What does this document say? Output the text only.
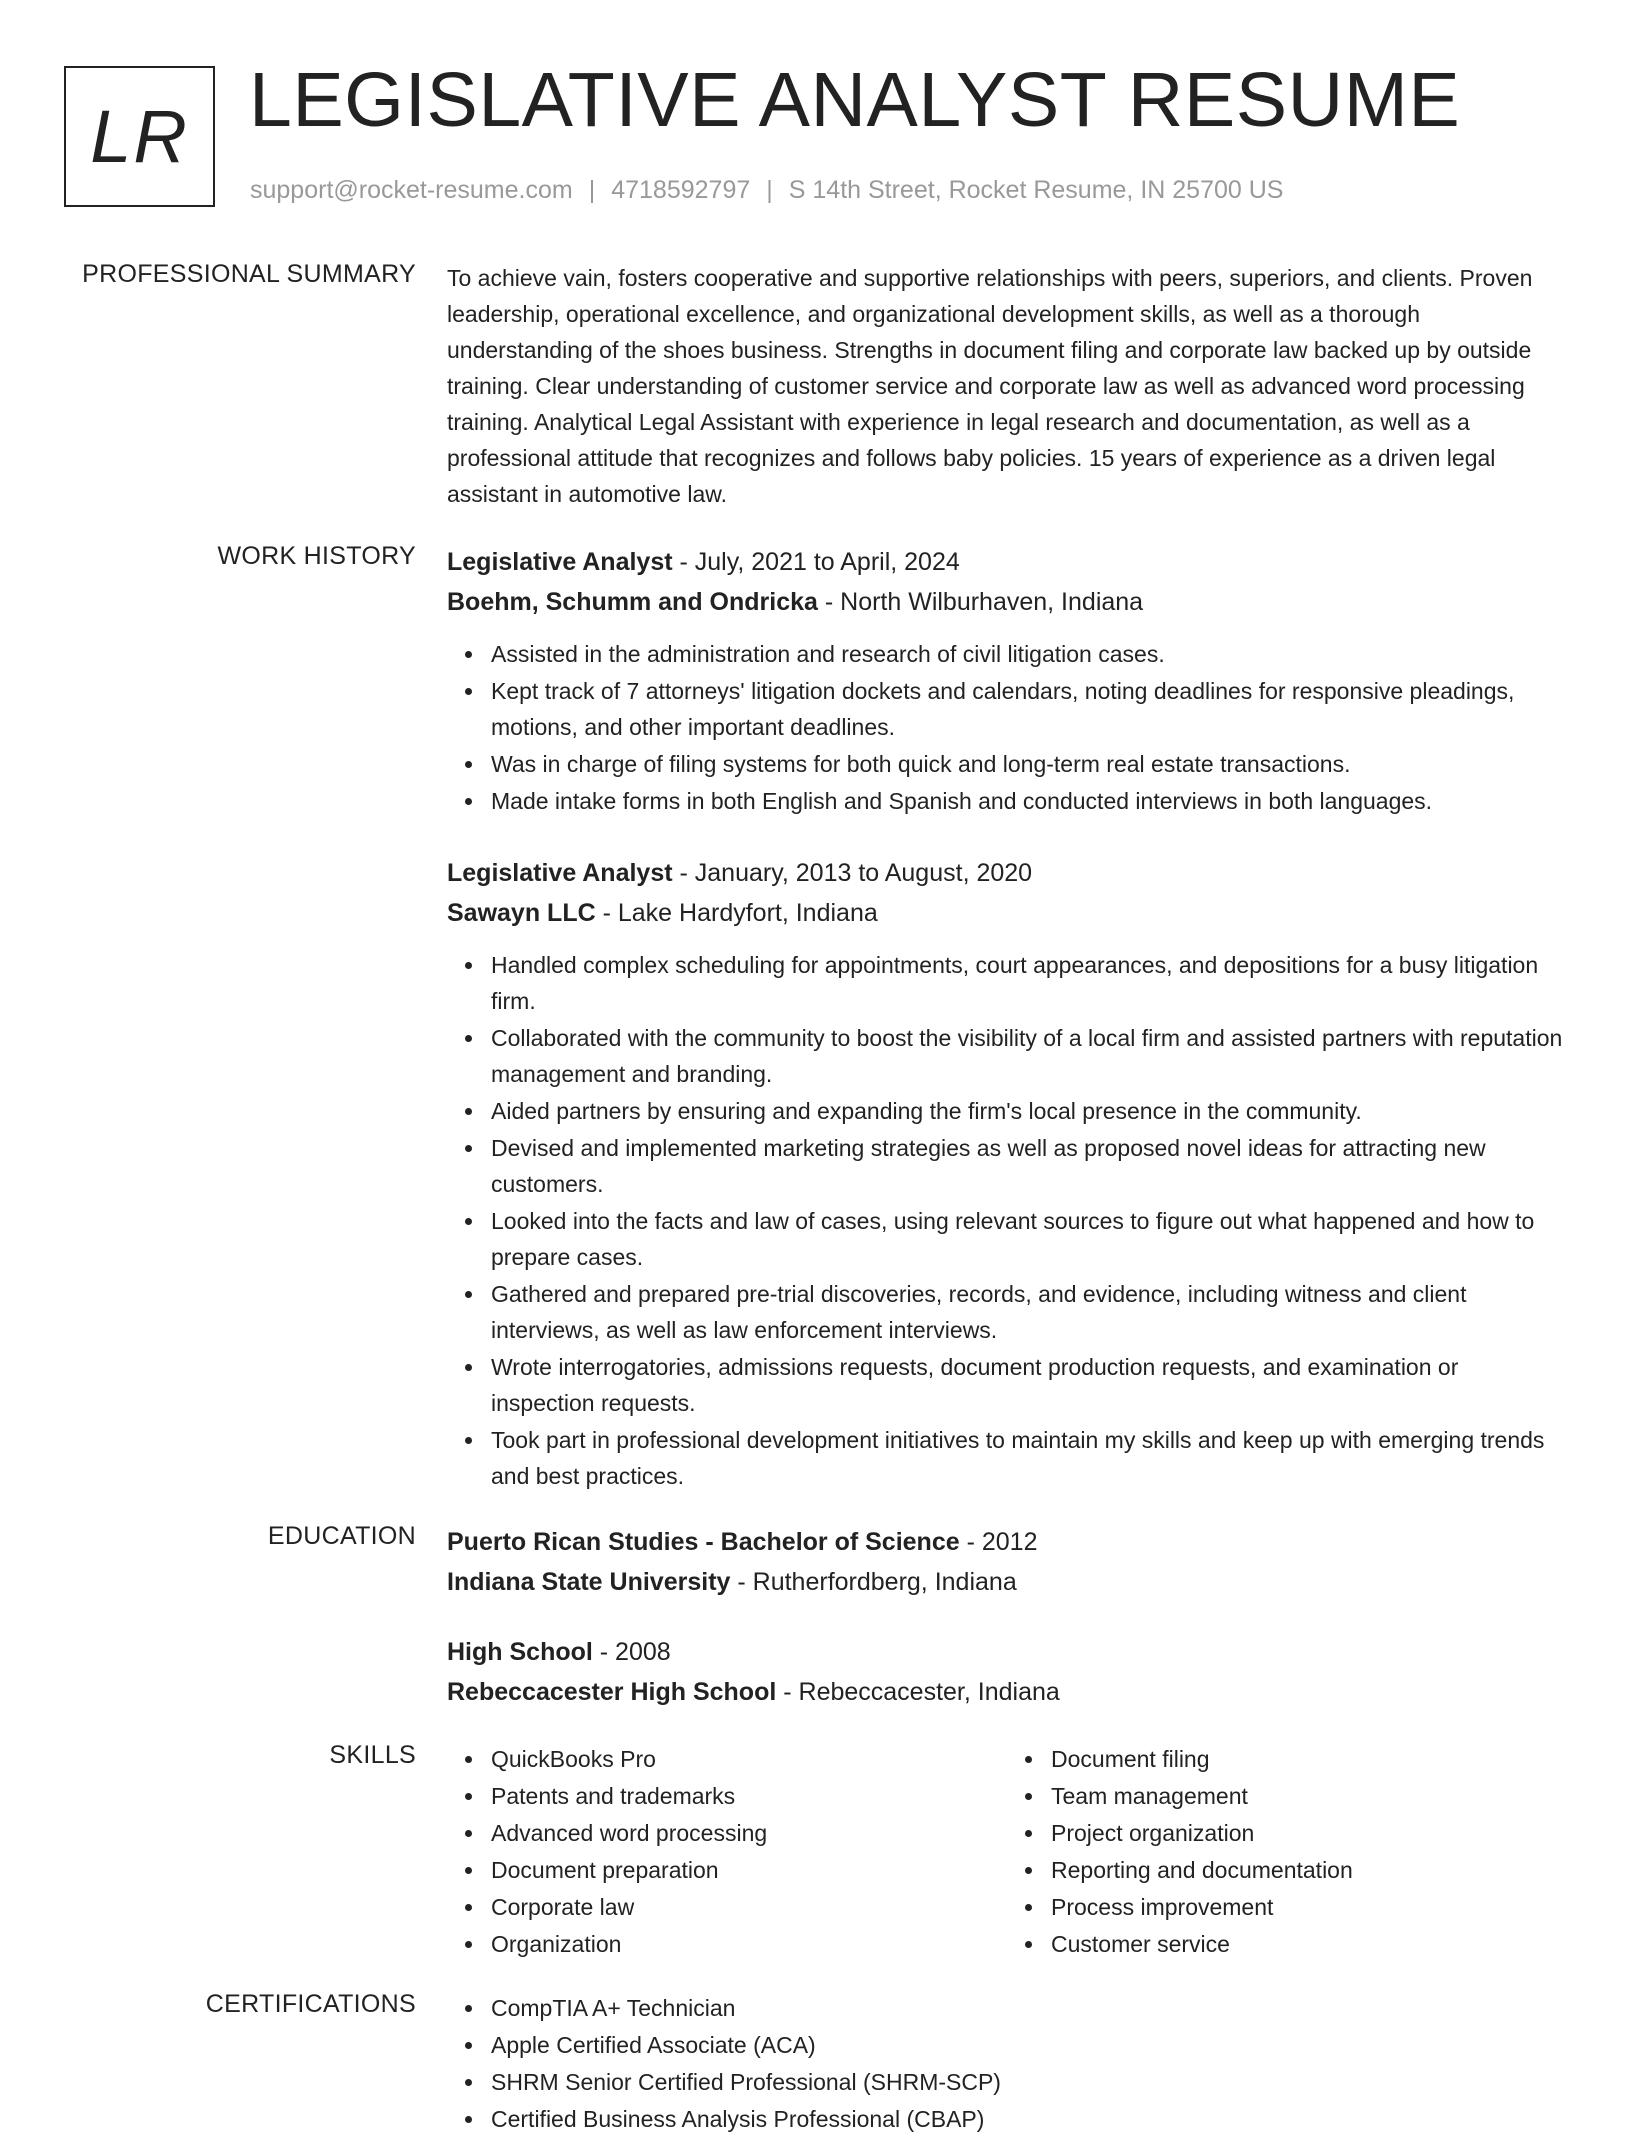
LR LEGISLATIVE ANALYST RESUME
support@rocket-resume.com | 4718592797 | S 14th Street, Rocket Resume, IN 25700 US
PROFESSIONAL SUMMARY To achieve vain, fosters cooperative and supportive relationships with peers, superiors, and clients. Proven leadership, operational excellence, and organizational development skills, as well as a thorough understanding of the shoes business. Strengths in document filing and corporate law backed up by outside training. Clear understanding of customer service and corporate law as well as advanced word processing training. Analytical Legal Assistant with experience in legal research and documentation, as well as a professional attitude that recognizes and follows baby policies. 15 years of experience as a driven legal assistant in automotive law.

WORK HISTORY Legislative Analyst - July, 2021 to April, 2024
Boehm, Schumm and Ondricka - North Wilburhaven, Indiana
Assisted in the administration and research of civil litigation cases.
Kept track of 7 attorneys' litigation dockets and calendars, noting deadlines for responsive pleadings, motions, and other important deadlines.
Was in charge of filing systems for both quick and long-term real estate transactions.
Made intake forms in both English and Spanish and conducted interviews in both languages.
Legislative Analyst - January, 2013 to August, 2020
Sawayn LLC - Lake Hardyfort, Indiana
Handled complex scheduling for appointments, court appearances, and depositions for a busy litigation firm.
Collaborated with the community to boost the visibility of a local firm and assisted partners with reputation management and branding.
Aided partners by ensuring and expanding the firm's local presence in the community.
Devised and implemented marketing strategies as well as proposed novel ideas for attracting new customers.
Looked into the facts and law of cases, using relevant sources to figure out what happened and how to prepare cases.
Gathered and prepared pre-trial discoveries, records, and evidence, including witness and client interviews, as well as law enforcement interviews.
Wrote interrogatories, admissions requests, document production requests, and examination or inspection requests.
Took part in professional development initiatives to maintain my skills and keep up with emerging trends and best practices.
EDUCATION Puerto Rican Studies - Bachelor of Science - 2012
Indiana State University - Rutherfordberg, Indiana
High School - 2008
Rebeccacester High School - Rebeccacester, Indiana
SKILLS	QuickBooks Pro
Patents and trademarks
Advanced word processing
Document preparation
Corporate law
Organization
Document filing
Team management
Project organization
Reporting and documentation
Process improvement
Customer service
CERTIFICATIONS	CompTIA A+ Technician
Apple Certified Associate (ACA)
SHRM Senior Certified Professional (SHRM-SCP)
Certified Business Analysis Professional (CBAP)
